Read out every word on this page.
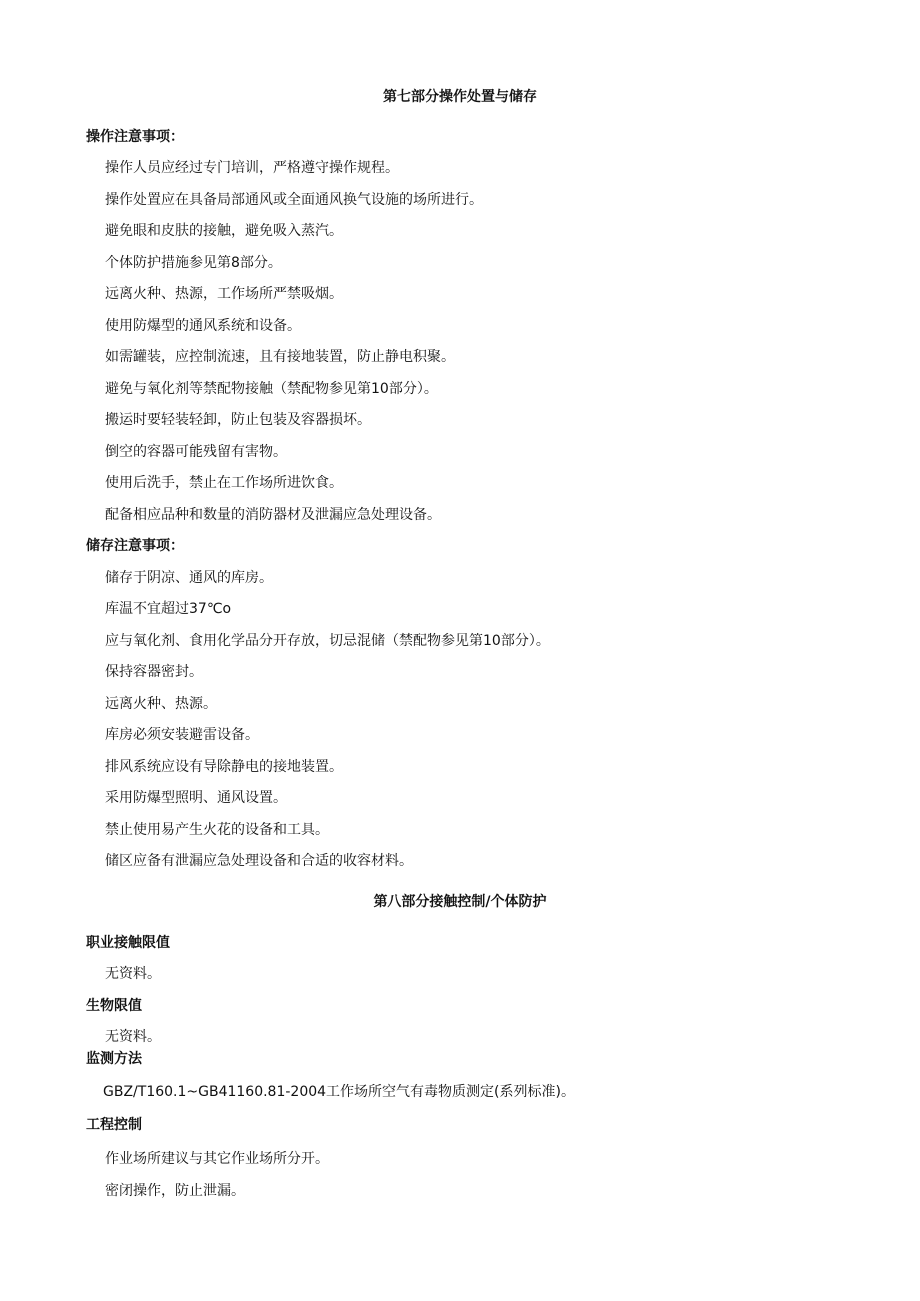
第七部分操作处置与储存
操作注意事项：
操作人员应经过专门培训，严格遵守操作规程。
操作处置应在具备局部通风或全面通风换气设施的场所进行。
避免眼和皮肤的接触，避免吸入蒸汽。
个体防护措施参见第8部分。
远离火种、热源，工作场所严禁吸烟。
使用防爆型的通风系统和设备。
如需罐装，应控制流速，且有接地装置，防止静电积聚。
避免与氧化剂等禁配物接触（禁配物参见第10部分）。
搬运时要轻装轻卸，防止包装及容器损坏。
倒空的容器可能残留有害物。
使用后洗手，禁止在工作场所进饮食。
配备相应品种和数量的消防器材及泄漏应急处理设备。
储存注意事项：
储存于阴凉、通风的库房。
库温不宜超过37℃o
应与氧化剂、食用化学品分开存放，切忌混储（禁配物参见第10部分）。
保持容器密封。
远离火种、热源。
库房必须安装避雷设备。
排风系统应设有导除静电的接地装置。
采用防爆型照明、通风设置。
禁止使用易产生火花的设备和工具。
储区应备有泄漏应急处理设备和合适的收容材料。
第八部分接触控制/个体防护
职业接触限值
无资料。
生物限值
无资料。
监测方法
GBZ/T160.1~GB41160.81-2004工作场所空气有毒物质测定(系列标准)。
工程控制
作业场所建议与其它作业场所分开。
密闭操作，防止泄漏。
